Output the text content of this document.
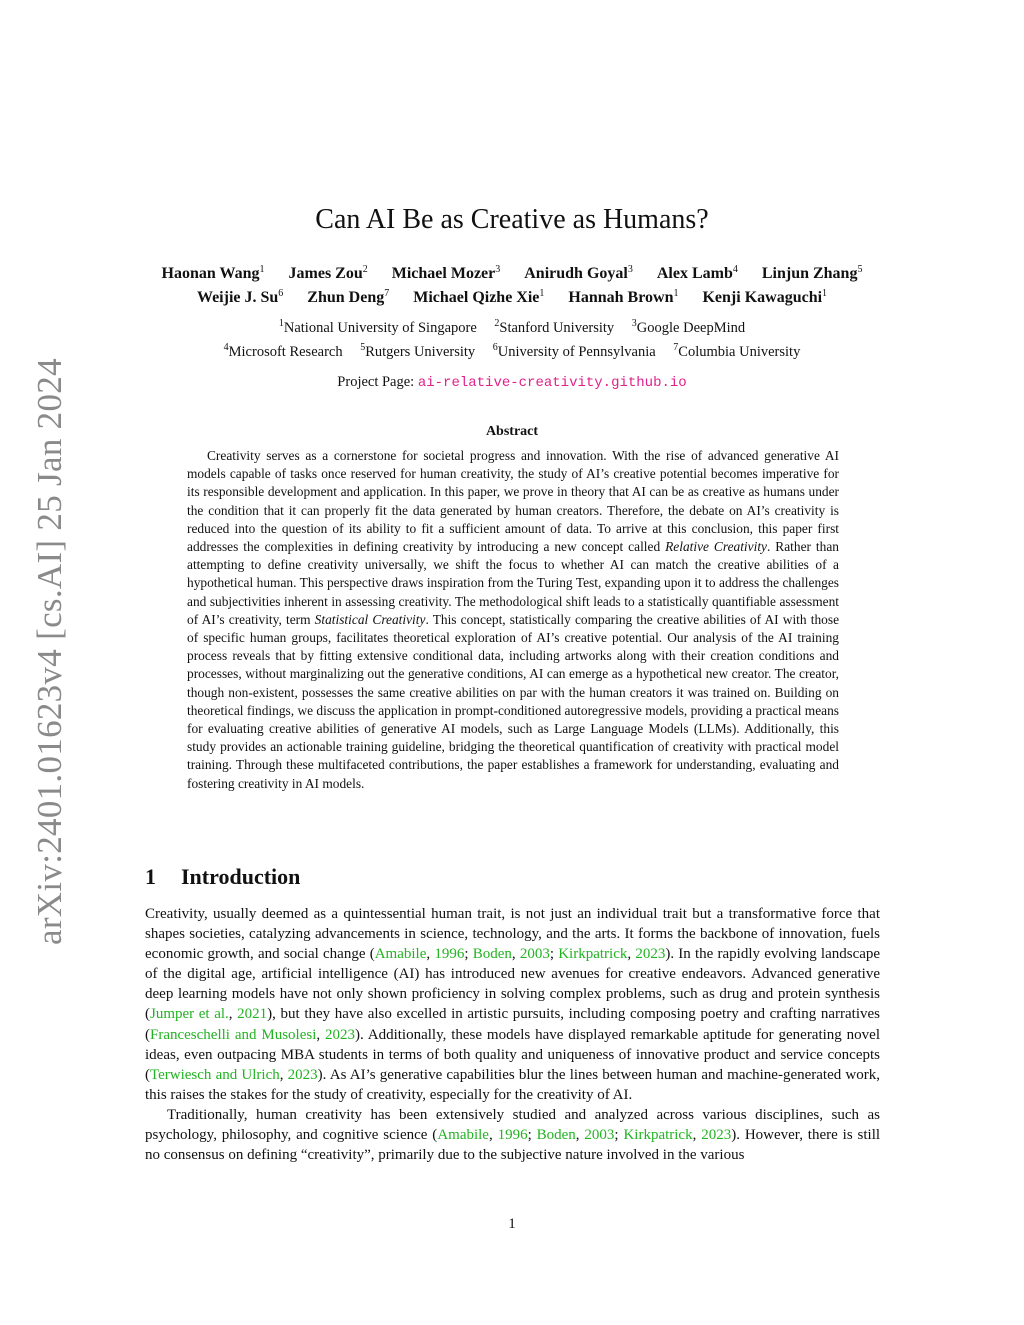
arXiv:2401.01623v4 [cs.AI] 25 Jan 2024
Can AI Be as Creative as Humans?
Haonan Wang$^1$ James Zou$^2$ Michael Mozer$^3$ Anirudh Goyal$^3$ Alex Lamb$^4$ Linjun Zhang$^5$
Weijie J. Su$^6$ Zhun Deng$^7$ Michael Qizhe Xie$^1$ Hannah Brown$^1$ Kenji Kawaguchi$^1$
$^1$National University of Singapore $^2$Stanford University $^3$Google DeepMind
$^4$Microsoft Research $^5$Rutgers University $^6$University of Pennsylvania $^7$Columbia University
Project Page: ai-relative-creativity.github.io
Abstract

Creativity serves as a cornerstone for societal progress and innovation. With the rise of advanced generative AI models capable of tasks once reserved for human creativity, the study of AI’s creative potential becomes imperative for its responsible development and application. In this paper, we prove in theory that AI can be as creative as humans under the condition that it can properly fit the data generated by human creators. Therefore, the debate on AI’s creativity is reduced into the question of its ability to fit a sufficient amount of data. To arrive at this conclusion, this paper first addresses the complexities in defining creativity by introducing a new concept called Relative Creativity. Rather than attempting to define creativity universally, we shift the focus to whether AI can match the creative abilities of a hypothetical human. This perspective draws inspiration from the Turing Test, expanding upon it to address the challenges and subjectivities inherent in assessing creativity. The methodological shift leads to a statistically quantifiable assessment of AI’s creativity, term Statistical Creativity. This concept, statistically comparing the creative abilities of AI with those of specific human groups, facilitates theoretical exploration of AI’s creative potential. Our analysis of the AI training process reveals that by fitting extensive conditional data, including artworks along with their creation conditions and processes, without marginalizing out the generative conditions, AI can emerge as a hypothetical new creator. The creator, though non-existent, possesses the same creative abilities on par with the human creators it was trained on. Building on theoretical findings, we discuss the application in prompt-conditioned autoregressive models, providing a practical means for evaluating creative abilities of generative AI models, such as Large Language Models (LLMs). Additionally, this study provides an actionable training guideline, bridging the theoretical quantification of creativity with practical model training. Through these multifaceted contributions, the paper establishes a framework for understanding, evaluating and fostering creativity in AI models.

1 Introduction

Creativity, usually deemed as a quintessential human trait, is not just an individual trait but a transformative force that shapes societies, catalyzing advancements in science, technology, and the arts. It forms the backbone of innovation, fuels economic growth, and social change (Amabile, 1996; Boden, 2003; Kirkpatrick, 2023). In the rapidly evolving landscape of the digital age, artificial intelligence (AI) has introduced new avenues for creative endeavors. Advanced generative deep learning models have not only shown proficiency in solving complex problems, such as drug and protein synthesis (Jumper et al., 2021), but they have also excelled in artistic pursuits, including composing poetry and crafting narratives (Franceschelli and Musolesi, 2023). Additionally, these models have displayed remarkable aptitude for generating novel ideas, even outpacing MBA students in terms of both quality and uniqueness of innovative product and service concepts (Terwiesch and Ulrich, 2023). As AI’s generative capabilities blur the lines between human and machine-generated work, this raises the stakes for the study of creativity, especially for the creativity of AI.

Traditionally, human creativity has been extensively studied and analyzed across various disciplines, such as psychology, philosophy, and cognitive science (Amabile, 1996; Boden, 2003; Kirkpatrick, 2023). However, there is still no consensus on defining “creativity”, primarily due to the subjective nature involved in the various

1
